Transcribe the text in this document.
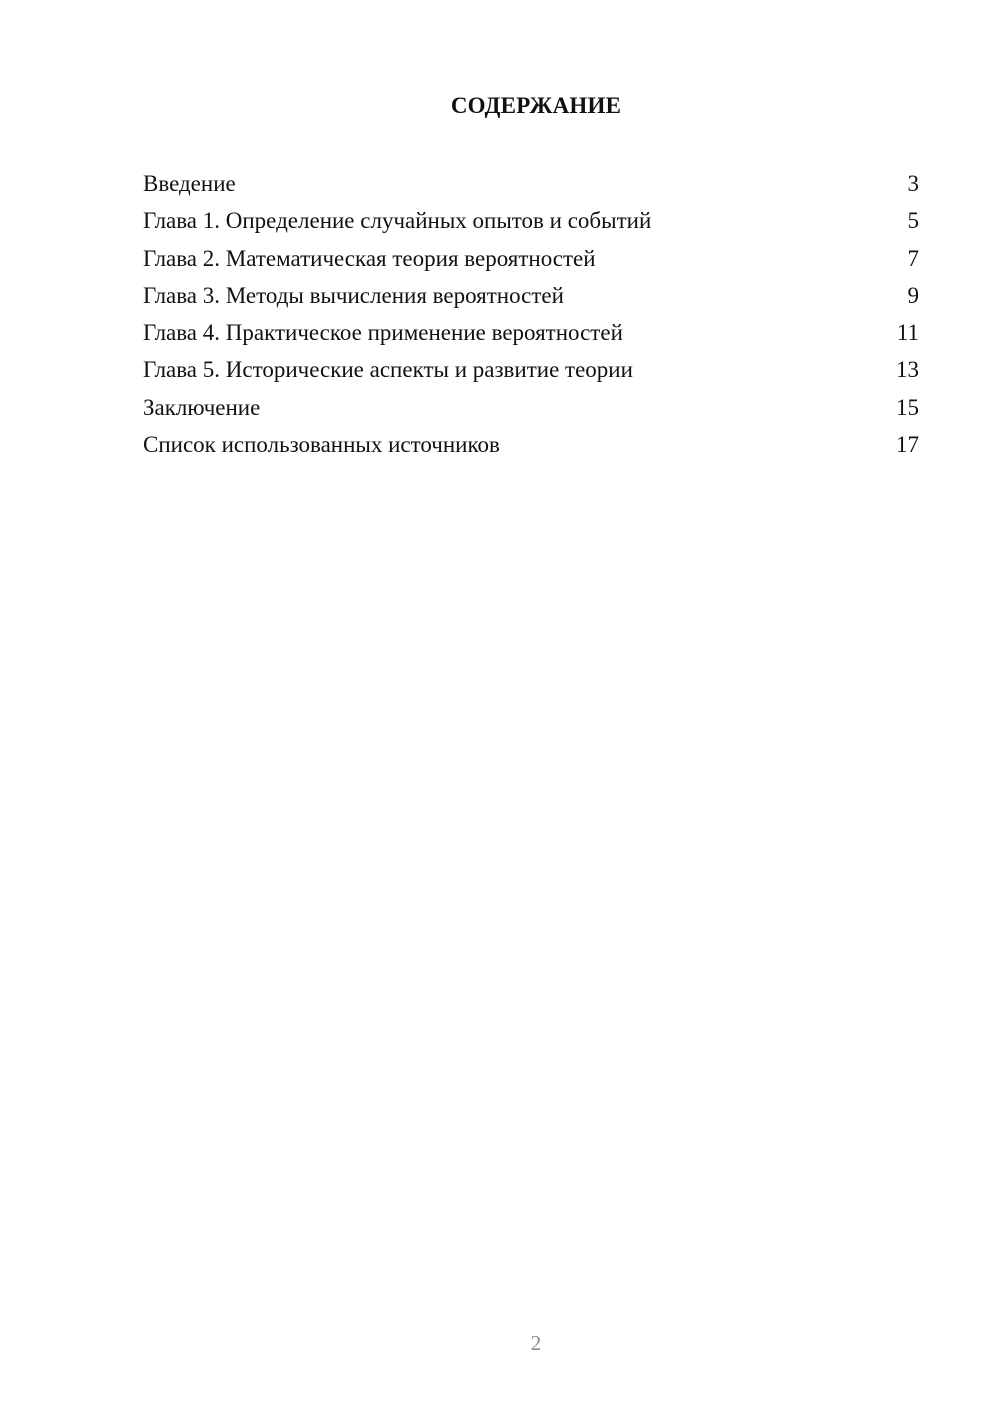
СОДЕРЖАНИЕ
Введение	3
Глава 1. Определение случайных опытов и событий	5
Глава 2. Математическая теория вероятностей	7
Глава 3. Методы вычисления вероятностей	9
Глава 4. Практическое применение вероятностей	11
Глава 5. Исторические аспекты и развитие теории	13
Заключение	15
Список использованных источников	17
2
